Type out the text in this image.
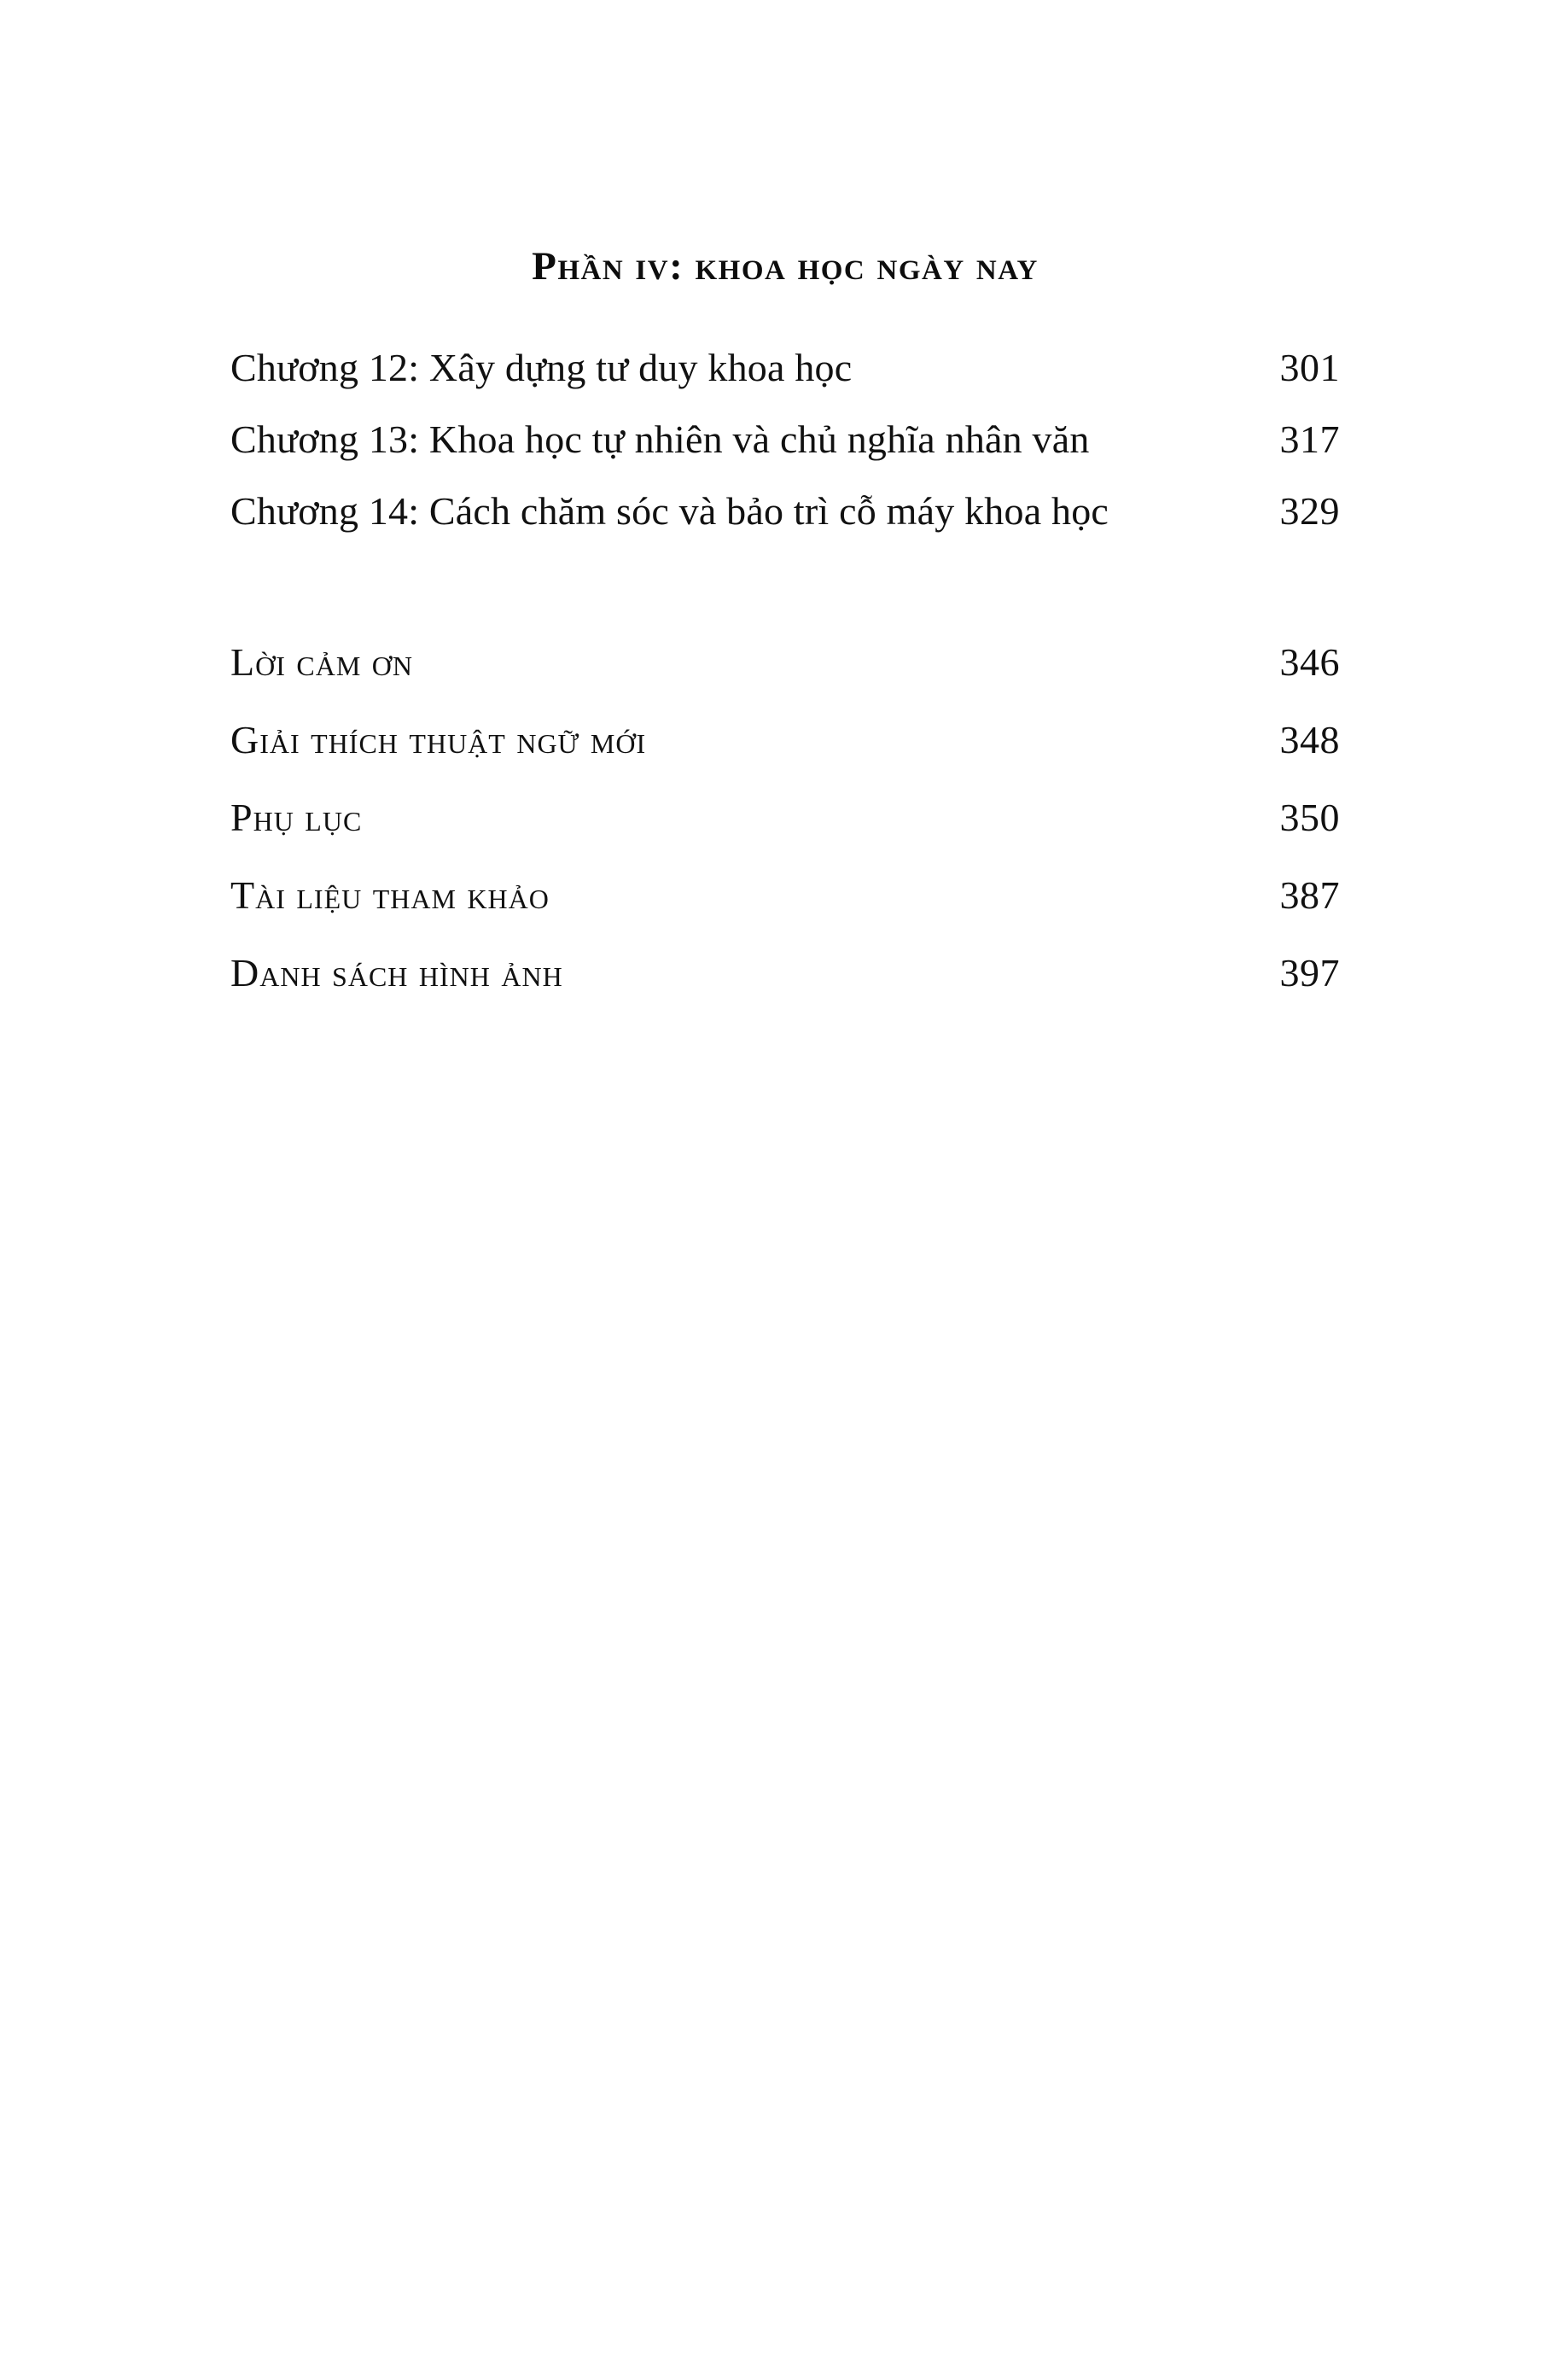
Phần iv: khoa học ngày nay
Chương 12: Xây dựng tư duy khoa học	301
Chương 13: Khoa học tự nhiên và chủ nghĩa nhân văn	317
Chương 14: Cách chăm sóc và bảo trì cỗ máy khoa học	329
Lời cảm ơn	346
Giải thích thuật ngữ mới	348
Phụ lục	350
Tài liệu tham khảo	387
Danh sách hình ảnh	397
